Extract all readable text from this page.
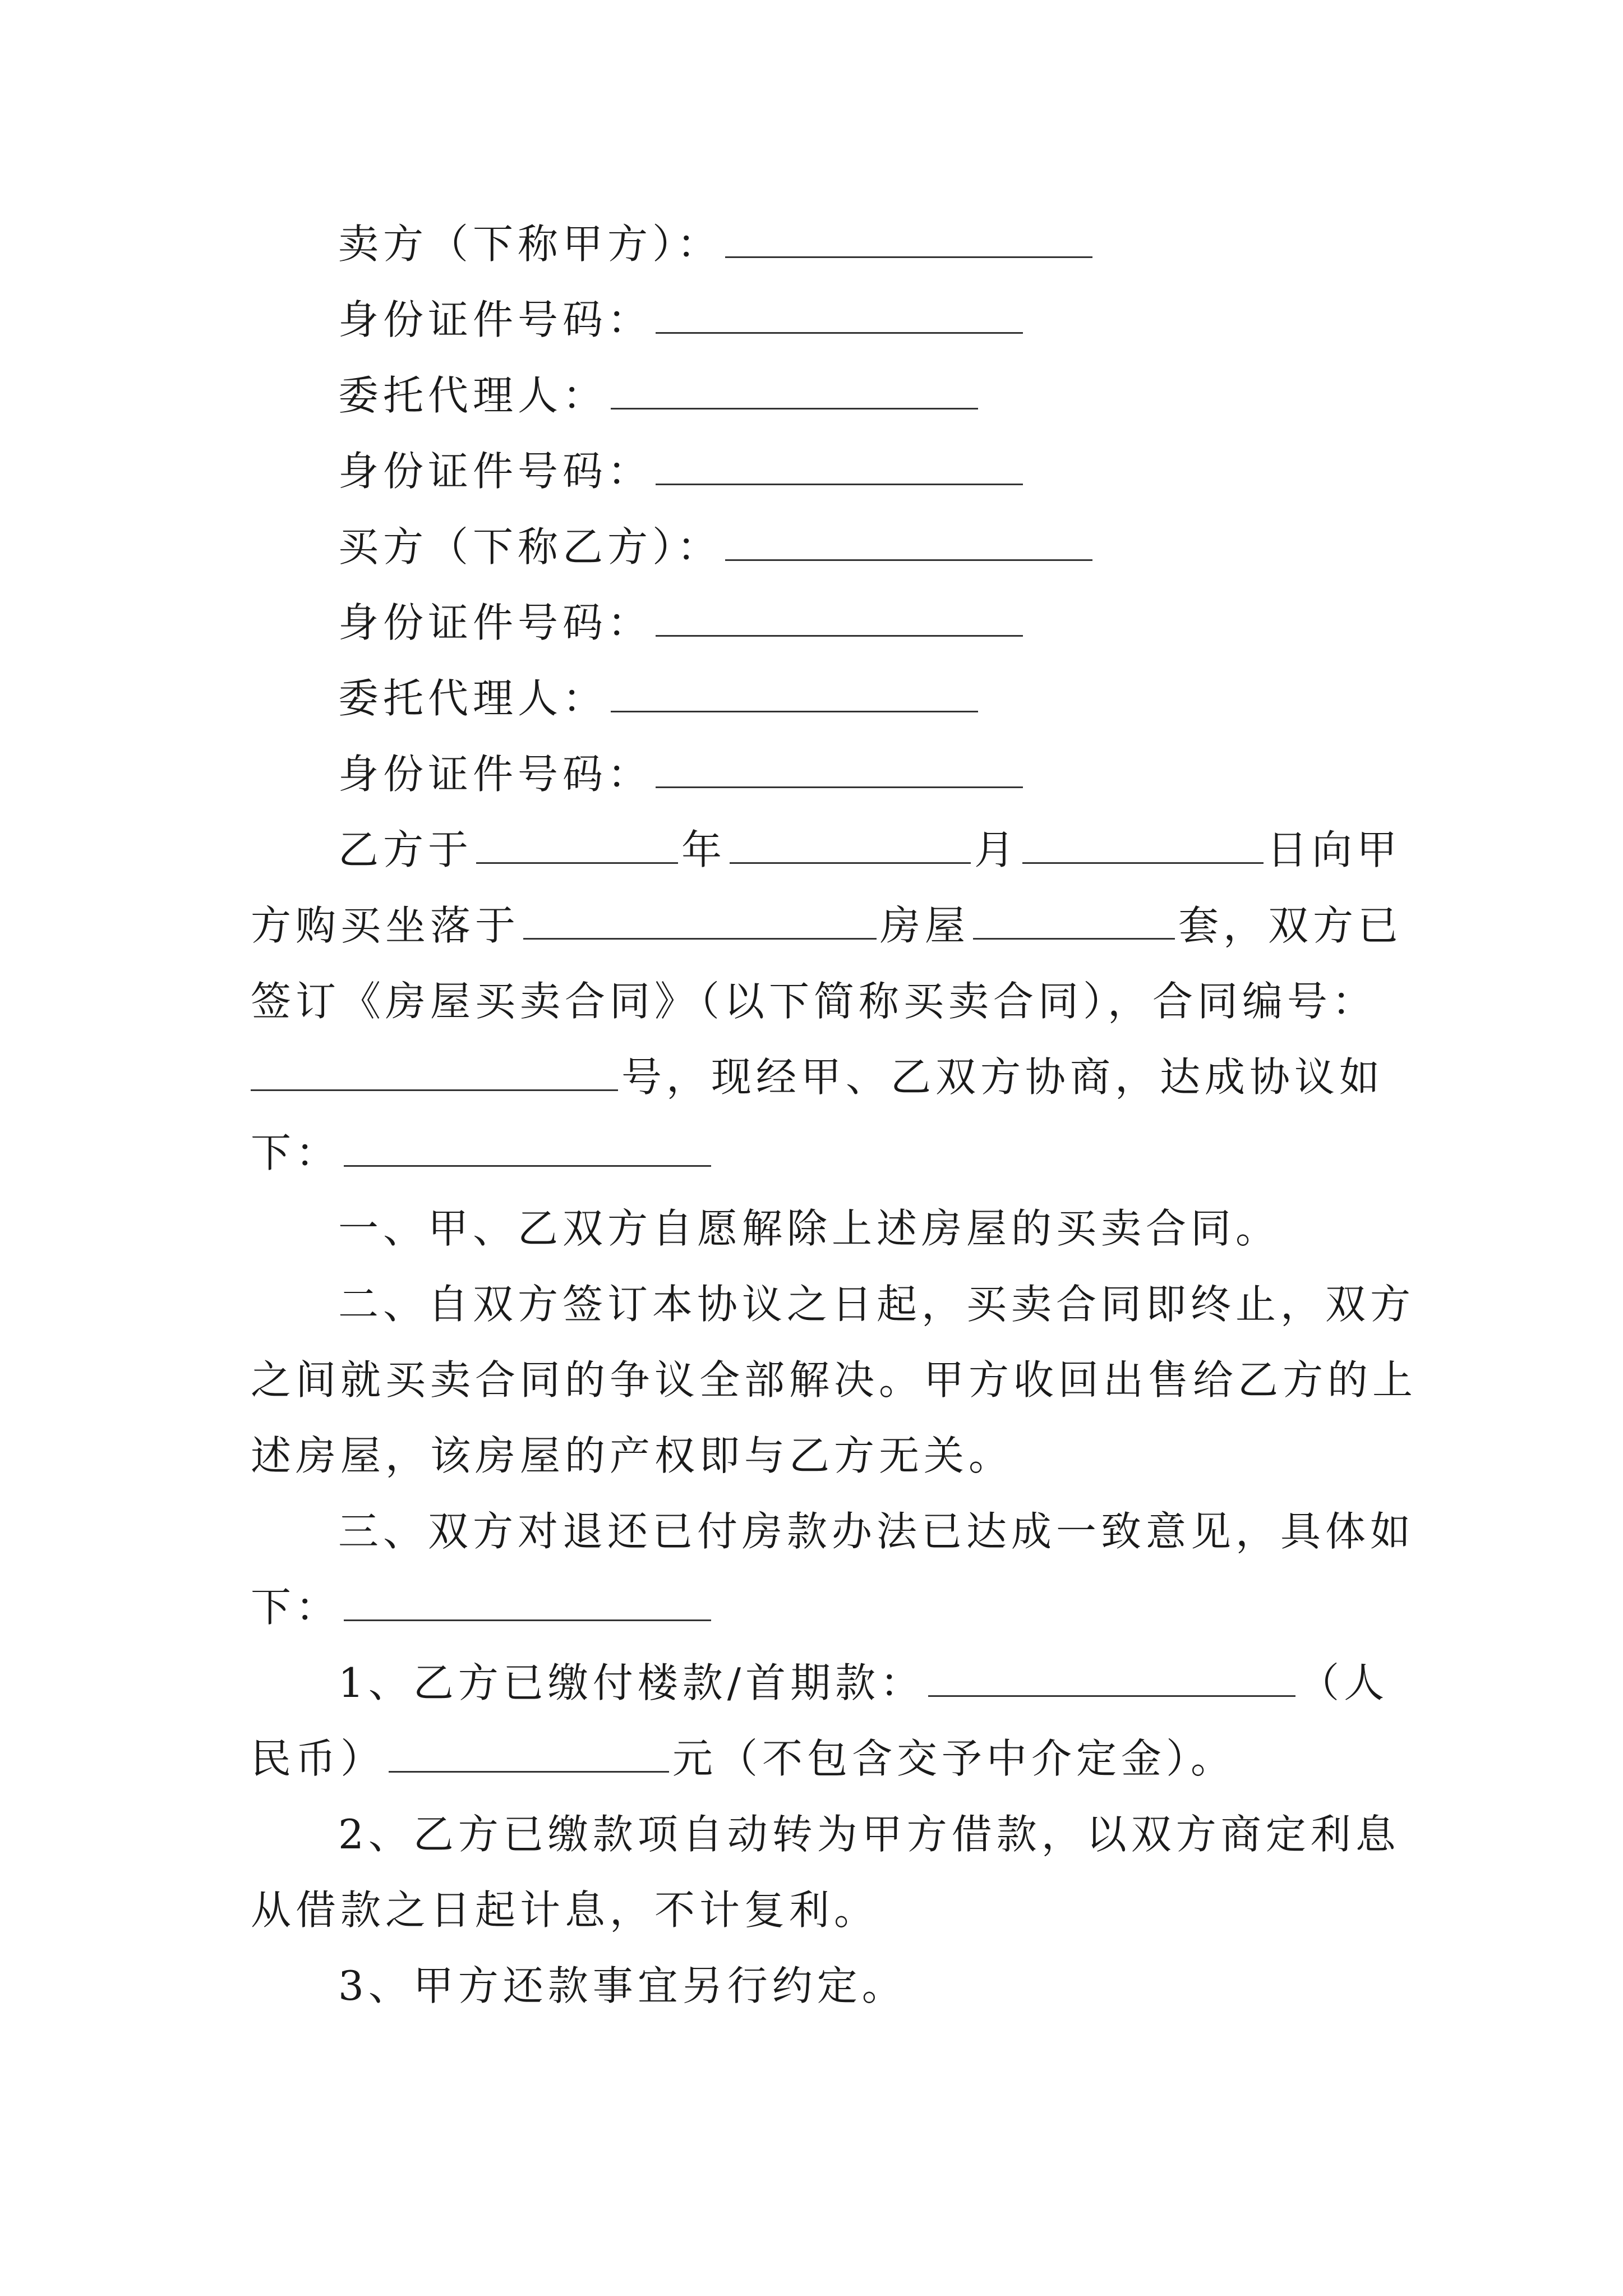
卖方（下称甲方）：
身份证件号码：
委托代理人：
身份证件号码：
买方（下称乙方）：
身份证件号码：
委托代理人：
身份证件号码：
乙方于	年	月	日向甲
方购买坐落于	房屋	套，双方已
签订《房屋买卖合同》（以下简称买卖合同），合同编号：
号，现经甲、乙双方协商，达成协议如
下：
一、甲、乙双方自愿解除上述房屋的买卖合同。
二、自双方签订本协议之日起，买卖合同即终止，双方
之间就买卖合同的争议全部解决。甲方收回出售给乙方的上
述房屋，该房屋的产权即与乙方无关。
三、双方对退还已付房款办法已达成一致意见，具体如
下：
1、乙方已缴付楼款/首期款：	（人
民币）	元（不包含交予中介定金）。
2、乙方已缴款项自动转为甲方借款，以双方商定利息
从借款之日起计息，不计复利。
3、甲方还款事宜另行约定。
